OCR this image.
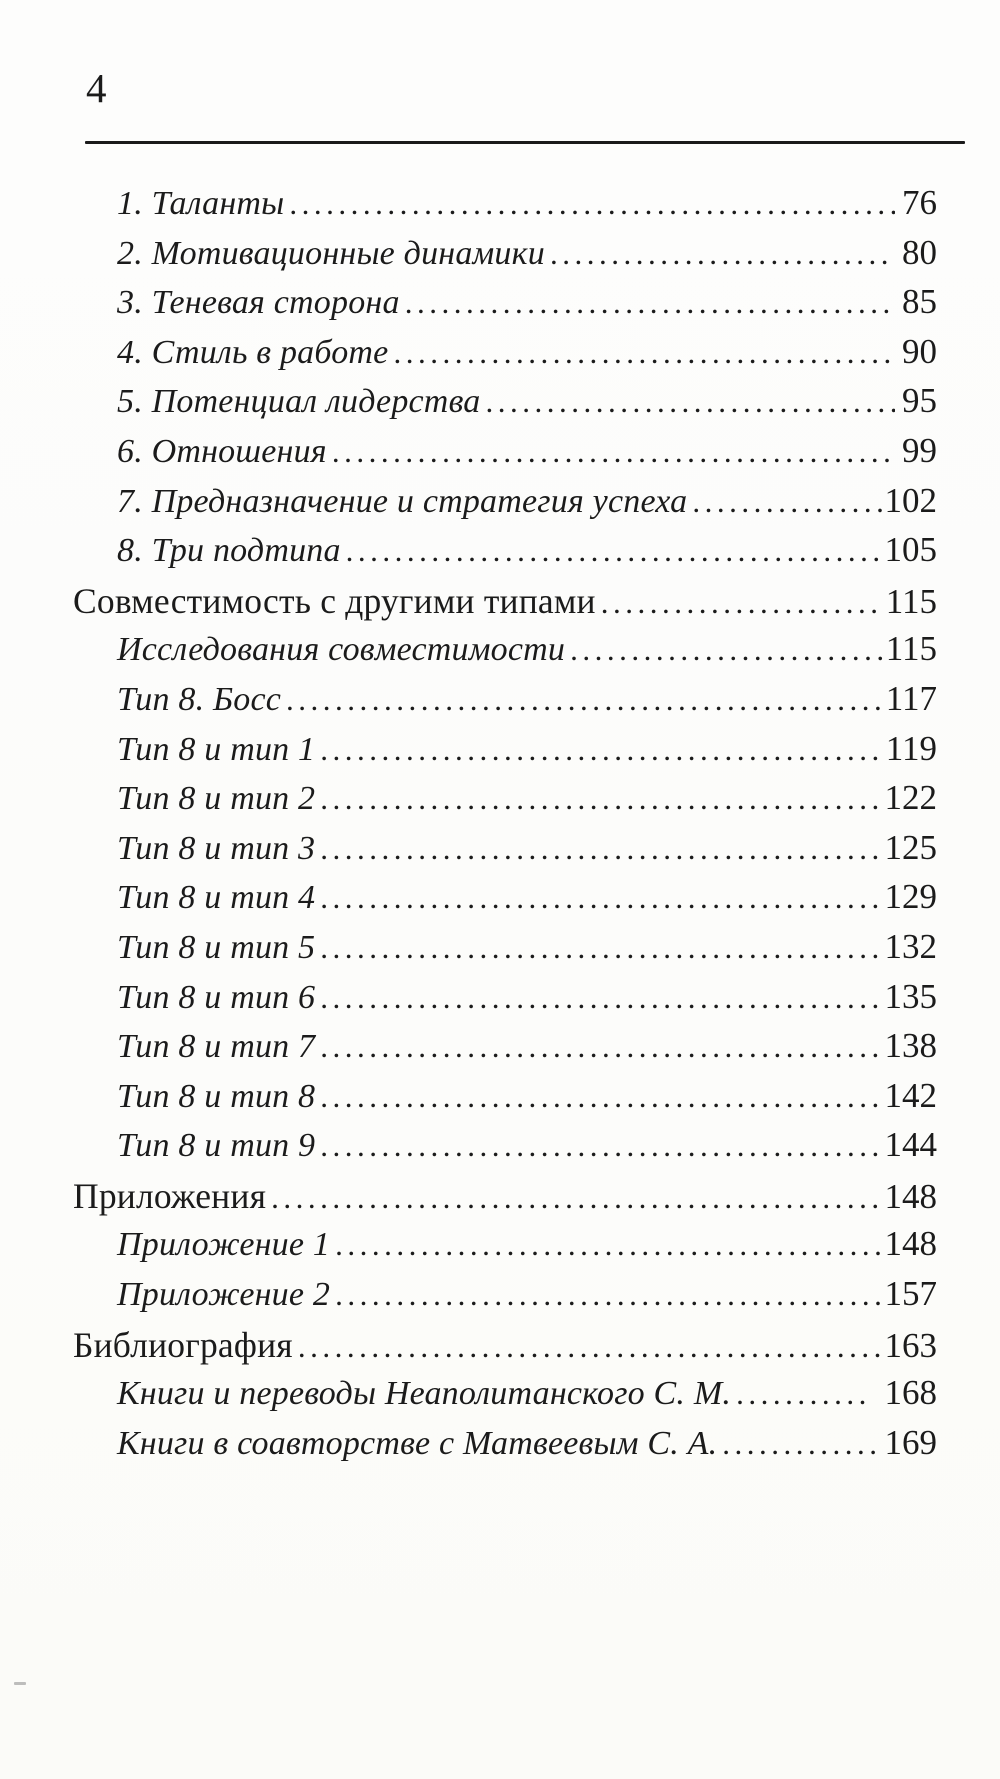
4
1. Таланты .....	76
2. Мотивационные динамики .....	80
3. Теневая сторона .....	85
4. Стиль в работе .....	90
5. Потенциал лидерства .....	95
6. Отношения .....	99
7. Предназначение и стратегия успеха .....	102
8. Три подтипа .....	105
Совместимость с другими типами .....	115
Исследования совместимости .....	115
Тип 8. Босс .....	117
Тип 8 и тип 1 .....	119
Тип 8 и тип 2 .....	122
Тип 8 и тип 3 .....	125
Тип 8 и тип 4 .....	129
Тип 8 и тип 5 .....	132
Тип 8 и тип 6 .....	135
Тип 8 и тип 7 .....	138
Тип 8 и тип 8 .....	142
Тип 8 и тип 9 .....	144
Приложения .....	148
Приложение 1 .....	148
Приложение 2 .....	157
Библиография .....	163
Книги и переводы Неаполитанского С. М. .....	168
Книги в соавторстве с Матвеевым С. А. .....	169
